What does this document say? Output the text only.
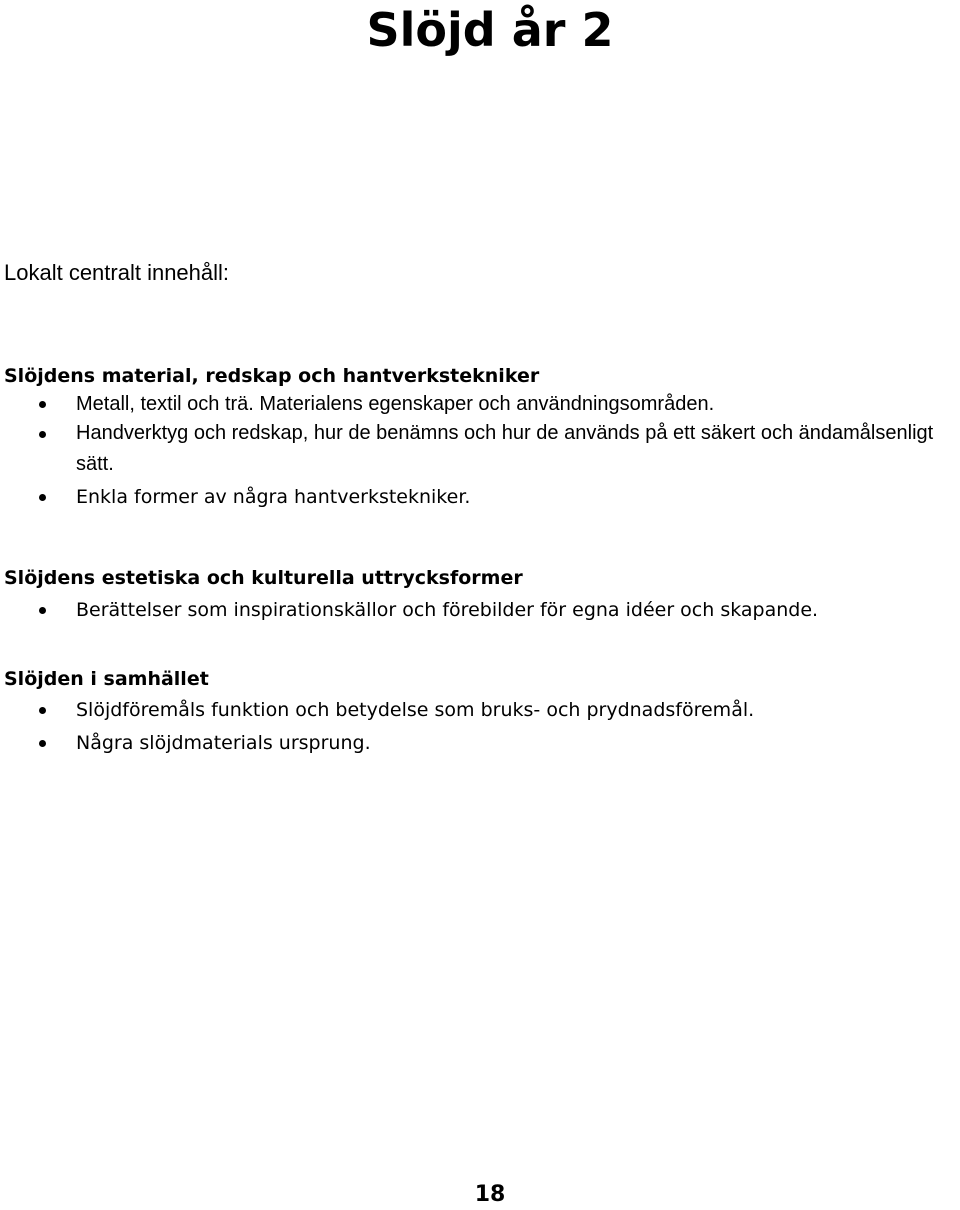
Slöjd år 2

Lokalt centralt innehåll:

Slöjdens material, redskap och hantverkstekniker
Metall, textil och trä. Materialens egenskaper och användningsområden.
Handverktyg och redskap, hur de benämns och hur de används på ett säkert och ändamålsenligt sätt.
Enkla former av några hantverkstekniker.
Slöjdens estetiska och kulturella uttrycksformer
Berättelser som inspirationskällor och förebilder för egna idéer och skapande.
Slöjden i samhället
Slöjdföremåls funktion och betydelse som bruks- och prydnadsföremål.
Några slöjdmaterials ursprung.
18
